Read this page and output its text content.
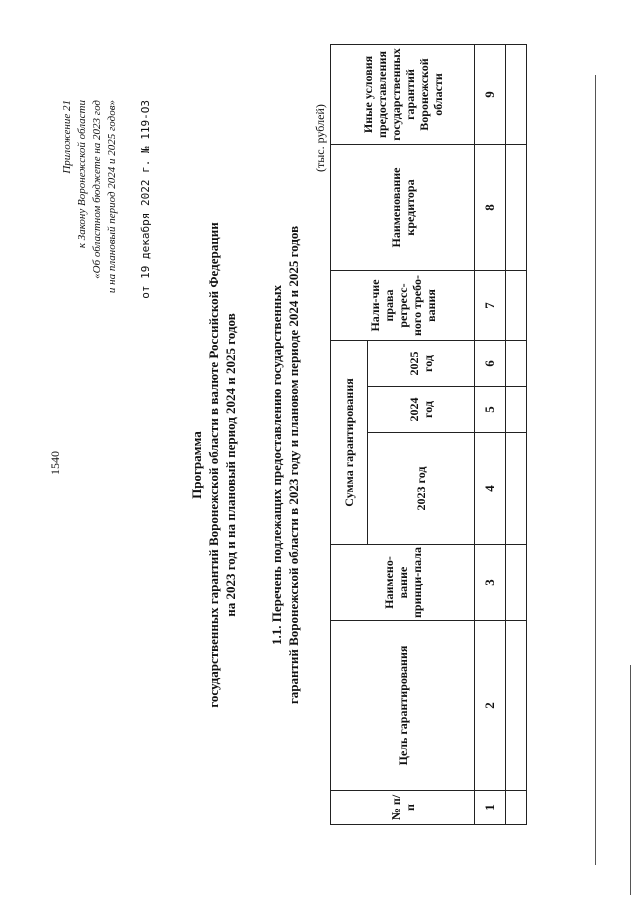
1540
Приложение 21 к Закону Воронежской области «Об областном бюджете на 2023 год и на плановый период 2024 и 2025 годов» от 19 декабря 2022 г. № 119-ОЗ
Программа государственных гарантий Воронежской области в валюте Российской Федерации на 2023 год и на плановый период 2024 и 2025 годов 1.1. Перечень подлежащих предоставлению государственных гарантий Воронежской области в 2023 году и плановом периоде 2024 и 2025 годов
(тыс. рублей)
№ п/п	Цель гарантирования	Наимено-вание принци-пала	Сумма гарантирования			Нали-чие права регресс-ного требо-вания	Наименование кредитора	Иные условия предоставления государственных гарантий Воронежской области
			2023 год	2024 год	2025 год			
1	2	3	4	5	6	7	8	9
